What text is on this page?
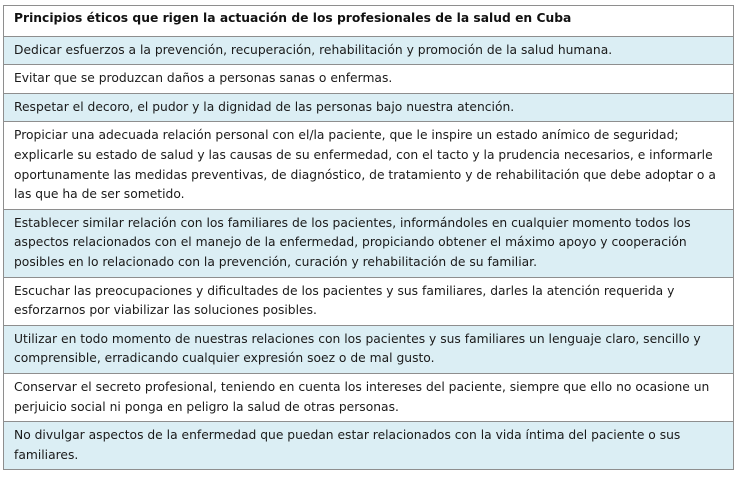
Principios éticos que rigen la actuación de los profesionales de la salud en Cuba
Dedicar esfuerzos a la prevención, recuperación, rehabilitación y promoción de la salud humana.
Evitar que se produzcan daños a personas sanas o enfermas.
Respetar el decoro, el pudor y la dignidad de las personas bajo nuestra atención.
Propiciar una adecuada relación personal con el/la paciente, que le inspire un estado anímico de seguridad; explicarle su estado de salud y las causas de su enfermedad, con el tacto y la prudencia necesarios, e informarle oportunamente las medidas preventivas, de diagnóstico, de tratamiento y de rehabilitación que debe adoptar o a las que ha de ser sometido.
Establecer similar relación con los familiares de los pacientes, informándoles en cualquier momento todos los aspectos relacionados con el manejo de la enfermedad, propiciando obtener el máximo apoyo y cooperación posibles en lo relacionado con la prevención, curación y rehabilitación de su familiar.
Escuchar las preocupaciones y dificultades de los pacientes y sus familiares, darles la atención requerida y esforzarnos por viabilizar las soluciones posibles.
Utilizar en todo momento de nuestras relaciones con los pacientes y sus familiares un lenguaje claro, sencillo y comprensible, erradicando cualquier expresión soez o de mal gusto.
Conservar el secreto profesional, teniendo en cuenta los intereses del paciente, siempre que ello no ocasione un perjuicio social ni ponga en peligro la salud de otras personas.
No divulgar aspectos de la enfermedad que puedan estar relacionados con la vida íntima del paciente o sus familiares.
